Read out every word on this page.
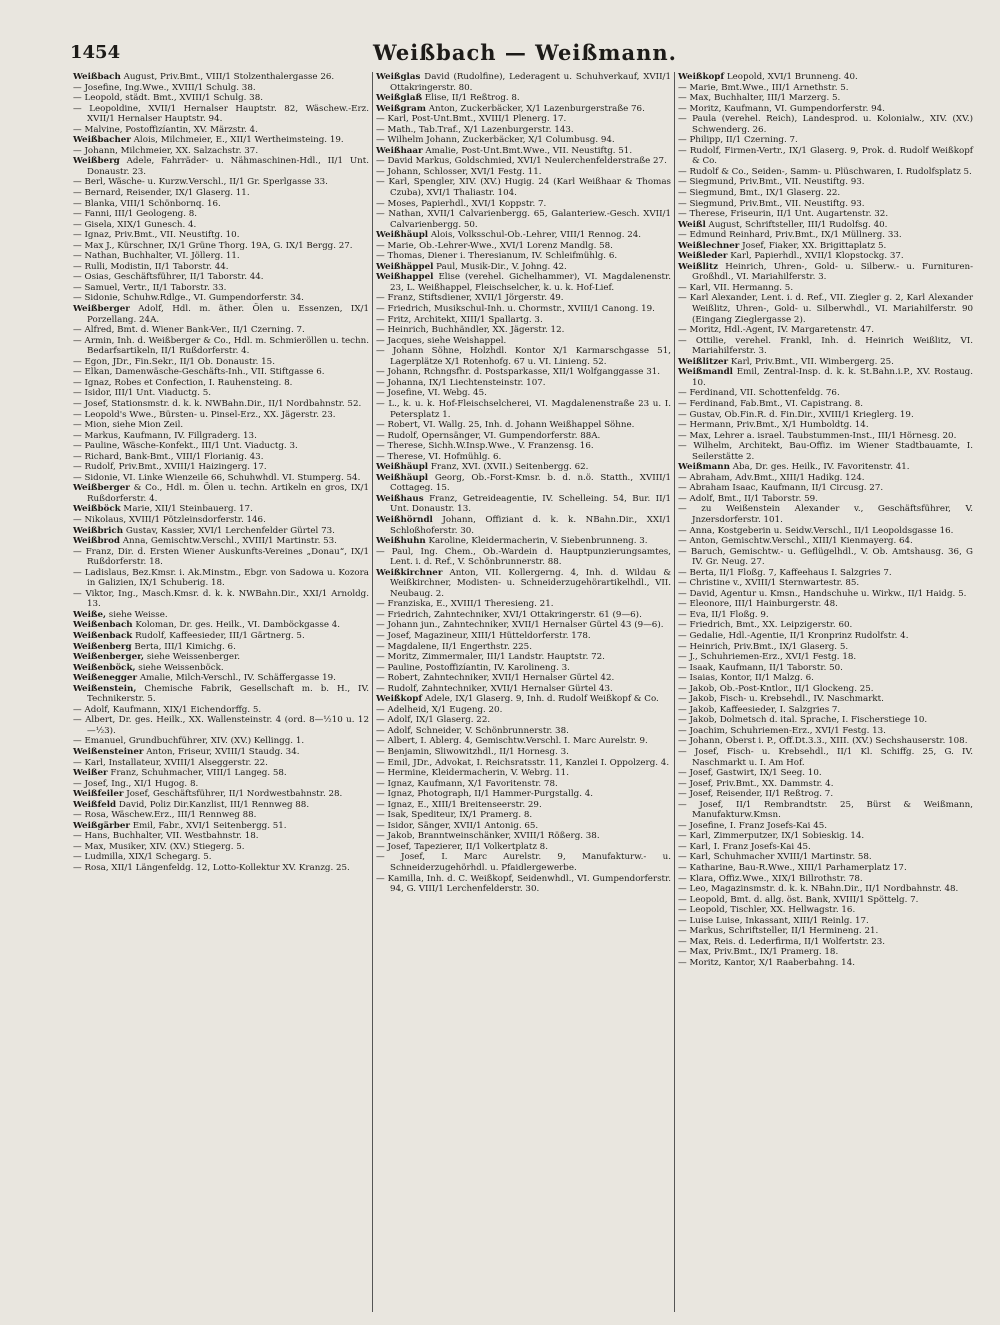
1454	Weißbach — Weißmann.

Weißbach August, Priv.Bmt., VIII/1 Stolzenthalergasse 26.

— Josefine, Ing.Wwe., XVIII/1 Schulg. 38.

— Leopold, städt. Bmt., XVIII/1 Schulg. 38.

— Leopoldine, XVII/1 Hernalser Hauptstr. 82, Wäschew.-Erz. XVII/1 Hernalser Hauptstr. 94.

— Malvine, Postoffizíantin, XV. Märzstr. 4.

Weißbacher Alois, Milchmeier, E., XII/1 Wertheimsteing. 19.

— Johann, Milchmeier, XX. Salzachstr. 37.

Weißberg Adele, Fahrräder- u. Nähmaschinen-Hdl., II/1 Unt. Donaustr. 23.

— Berl, Wäsche- u. Kurzw.Verschl., II/1 Gr. Sperlgasse 33.

— Bernard, Reisender, IX/1 Glaserg. 11.

— Blanka, VIII/1 Schönbornq. 16.

— Fanni, III/1 Geologeng. 8.

— Gisela, XIX/1 Gunesch. 4.

— Ignaz, Priv.Bmt., VII. Neustiftg. 10.

— Max J., Kürschner, IX/1 Grüne Thorg. 19A, G. IX/1 Bergg. 27.

— Nathan, Buchhalter, VI. Jöllerg. 11.

— Rulli, Modistin, II/1 Taborstr. 44.

— Osias, Geschäftsführer, II/1 Taborstr. 44.

— Samuel, Vertr., II/1 Taborstr. 33.

— Sidonie, Schuhw.Rdlge., VI. Gumpendorferstr. 34.

Weißberger Adolf, Hdl. m. äther. Ölen u. Essenzen, IX/1 Porzellang. 24A.

— Alfred, Bmt. d. Wiener Bank-Ver., II/1 Czerning. 7.

— Armin, Inh. d. Weißberger & Co., Hdl. m. Schmieröllen u. techn. Bedarfsartikeln, II/1 Rußdorferstr. 4.

— Egon, JDr., Fin.Sekr., II/1 Ob. Donaustr. 15.

— Elkan, Damenwäsche-Geschäfts-Inh., VII. Stiftgasse 6.

— Ignaz, Robes et Confection, I. Rauhensteing. 8.

— Isidor, III/1 Unt. Viaductg. 5.

— Josef, Stationsmstr. d. k. k. NWBahn.Dir., II/1 Nordbahnstr. 52.

— Leopold's Wwe., Bürsten- u. Pinsel-Erz., XX. Jägerstr. 23.

— Mion, siehe Mion Zeil.

— Markus, Kaufmann, IV. Fillgraderg. 13.

— Pauline, Wäsche-Konfekt., III/1 Unt. Viaductg. 3.

— Richard, Bank-Bmt., VIII/1 Florianig. 43.

— Rudolf, Priv.Bmt., XVIII/1 Haizingerg. 17.

— Sidonie, VI. Linke Wienzeile 66, Schuhwhdl. VI. Stumperg. 54.

Weißberger & Co., Hdl. m. Ölen u. techn. Artikeln en gros, IX/1 Rußdorferstr. 4.

Weißböck Marie, XII/1 Steinbauerg. 17.

— Nikolaus, XVIII/1 Pötzleinsdorferstr. 146.

Weißbrich Gustav, Kassier, XVI/1 Lerchenfelder Gürtel 73.

Weißbrod Anna, Gemischtw.Verschl., XVIII/1 Martinstr. 53.

— Franz, Dir. d. Ersten Wiener Auskunfts-Vereines „Donau“, IX/1 Rußdorferstr. 18.

— Ladislaus, Bez.Kmsr. i. Ak.Minstm., Ebgr. von Sadowa u. Kozora in Galizien, IX/1 Schuberig. 18.

— Viktor, Ing., Masch.Kmsr. d. k. k. NWBahn.Dir., XXI/1 Arnoldg. 13.

Weiße, siehe Weisse.

Weißenbach Koloman, Dr. ges. Heilk., VI. Damböckgasse 4.

Weißenback Rudolf, Kaffeesieder, III/1 Gärtnerg. 5.

Weißenberg Berta, III/1 Kimichg. 6.

Weißenberger, siehe Weissenberger.

Weißenböck, siehe Weissenböck.

Weißenegger Amalie, Milch-Verschl., IV. Schäffergasse 19.

Weißenstein, Chemische Fabrik, Gesellschaft m. b. H., IV. Technikerstr. 5.

— Adolf, Kaufmann, XIX/1 Eichendorffg. 5.

— Albert, Dr. ges. Heilk., XX. Wallensteinstr. 4 (ord. 8—½10 u. 12—½3).

— Emanuel, Grundbuchführer, XIV. (XV.) Kellingg. 1.

Weißensteiner Anton, Friseur, XVIII/1 Staudg. 34.

— Karl, Installateur, XVIII/1 Alseggerstr. 22.

Weißer Franz, Schuhmacher, VIII/1 Langeg. 58.

— Josef, Ing., XI/1 Hugog. 8.

Weißfeiler Josef, Geschäftsführer, II/1 Nordwestbahnstr. 28.

Weißfeld David, Poliz Dir.Kanzlist, III/1 Rennweg 88.

— Rosa, Wäschew.Erz., III/1 Rennweg 88.

Weißgärber Emil, Fabr., XVI/1 Seitenbergg. 51.

— Hans, Buchhalter, VII. Westbahnstr. 18.

— Max, Musiker, XIV. (XV.) Stiegerg. 5.

— Ludmilla, XIX/1 Schegarg. 5.

— Rosa, XII/1 Längenfeldg. 12, Lotto-Kollektur XV. Kranzg. 25.

Weißglas David (Rudolfine), Lederagent u. Schuhverkauf, XVII/1 Ottakringerstr. 80.

Weißglaß Elise, II/1 Reßtrog. 8.

Weißgram Anton, Zuckerbäcker, X/1 Lazenburgerstraße 76.

— Karl, Post-Unt.Bmt., XVIII/1 Plenerg. 17.

— Math., Tab.Traf., X/1 Lazenburgerstr. 143.

— Wilhelm Johann, Zuckerbäcker, X/1 Columbusg. 94.

Weißhaar Amalie, Post-Unt.Bmt.Wwe., VII. Neustiftg. 51.

— David Markus, Goldschmied, XVI/1 Neulerchenfelderstraße 27.

— Johann, Schlosser, XVI/1 Festg. 11.

— Karl, Spengler, XIV. (XV.) Hugig. 24 (Karl Weißhaar & Thomas Czuba), XVI/1 Thaliastr. 104.

— Moses, Papierhdl., XVI/1 Koppstr. 7.

— Nathan, XVII/1 Calvarienbergg. 65, Galanteriew.-Gesch. XVII/1 Calvarienbergg. 50.

Weißhäupl Alois, Volksschul-Ob.-Lehrer, VIII/1 Rennog. 24.

— Marie, Ob.-Lehrer-Wwe., XVI/1 Lorenz Mandlg. 58.

— Thomas, Diener i. Theresianum, IV. Schleifmühlg. 6.

Weißhäppel Paul, Musik-Dir., V. Johng. 42.

Weißhappel Elise (verehel. Gichelhammer), VI. Magdalenenstr. 23, L. Weißhappel, Fleischselcher, k. u. k. Hof-Lief.

— Franz, Stiftsdiener, XVII/1 Jörgerstr. 49.

— Friedrich, Musikschul-Inh. u. Chormstr., XVIII/1 Canong. 19.

— Fritz, Architekt, XIII/1 Spallartg. 3.

— Heinrich, Buchhändler, XX. Jägerstr. 12.

— Jacques, siehe Weishappel.

— Johann Söhne, Holzhdl. Kontor X/1 Karmarschgasse 51, Lagerplätze X/1 Rotenhofg. 67 u. VI. Linieng. 52.

— Johann, Rchngsfhr. d. Postsparkasse, XII/1 Wolfganggasse 31.

— Johanna, IX/1 Liechtensteinstr. 107.

— Josefine, VI. Webg. 45.

— L., k. u. k. Hof-Fleischselcherei, VI. Magdalenenstraße 23 u. I. Petersplatz 1.

— Robert, VI. Wallg. 25, Inh. d. Johann Weißhappel Söhne.

— Rudolf, Opernsänger, VI. Gumpendorferstr. 88A.

— Therese, Sichh.W.Insp.Wwe., V. Franzensg. 16.

— Therese, VI. Hofmühlg. 6.

Weißhäupl Franz, XVI. (XVII.) Seitenbergg. 62.

Weißhäupl Georg, Ob.-Forst-Kmsr. b. d. n.ö. Statth., XVIII/1 Cottageg. 15.

Weißhaus Franz, Getreideagentie, IV. Schelleing. 54, Bur. II/1 Unt. Donaustr. 13.

Weißhörndl Johann, Offiziant d. k. k. NBahn.Dir., XXI/1 Schloßhoferstr. 30.

Weißhuhn Karoline, Kleidermacherin, V. Siebenbrunneng. 3.

— Paul, Ing. Chem., Ob.-Wardein d. Hauptpunzierungsamtes, Lent. i. d. Ref., V. Schönbrunnerstr. 88.

Weißkirchner Anton, VII. Kollergerng. 4, Inh. d. Wildau & Weißkirchner, Modisten- u. Schneiderzugehörartikelhdl., VII. Neubaug. 2.

— Franziska, E., XVIII/1 Theresieng. 21.

— Friedrich, Zahntechniker, XVI/1 Ottakringerstr. 61 (9—6).

— Johann jun., Zahntechniker, XVII/1 Hernalser Gürtel 43 (9—6).

— Josef, Magazineur, XIII/1 Hütteldorferstr. 178.

— Magdalene, II/1 Engerthstr. 225.

— Moritz, Zimmermaler, III/1 Landstr. Hauptstr. 72.

— Pauline, Postoffizíantin, IV. Karolineng. 3.

— Robert, Zahntechniker, XVII/1 Hernalser Gürtel 42.

— Rudolf, Zahntechniker, XVII/1 Hernalser Gürtel 43.

Weißkopf Adele, IX/1 Glaserg. 9, Inh. d. Rudolf Weißkopf & Co.

— Adelheid, X/1 Eugeng. 20.

— Adolf, IX/1 Glaserg. 22.

— Adolf, Schneider, V. Schönbrunnerstr. 38.

— Albert, I. Ablerg. 4, Gemischtw.Verschl. I. Marc Aurelstr. 9.

— Benjamin, Sliwowitzhdl., II/1 Hornesg. 3.

— Emil, JDr., Advokat, I. Reichsratsstr. 11, Kanzlei I. Oppolzerg. 4.

— Hermine, Kleidermacherin, V. Webrg. 11.

— Ignaz, Kaufmann, X/1 Favoritenstr. 78.

— Ignaz, Photograph, II/1 Hammer-Purgstallg. 4.

— Ignaz, E., XIII/1 Breitenseerstr. 29.

— Isak, Spediteur, IX/1 Pramerg. 8.

— Isidor, Sänger, XVII/1 Antonig. 65.

— Jakob, Branntweinschänker, XVIII/1 Rößerg. 38.

— Josef, Tapezierer, II/1 Volkertplatz 8.

— Josef, I. Marc Aurelstr. 9, Manufakturw.- u. Schneiderzugehörhdl. u. Pfaidlergewerbe.

— Kamilla, Inh. d. C. Weißkopf, Seidenwhdl., VI. Gumpendorferstr. 94, G. VIII/1 Lerchenfelderstr. 30.

Weißkopf Leopold, XVI/1 Brunneng. 40.

— Marie, Bmt.Wwe., III/1 Arnethstr. 5.

— Max, Buchhalter, III/1 Marzerg. 5.

— Moritz, Kaufmann, VI. Gumpendorferstr. 94.

— Paula (verehel. Reich), Landesprod. u. Kolonialw., XIV. (XV.) Schwenderg. 26.

— Philipp, II/1 Czerning. 7.

— Rudolf, Firmen-Vertr., IX/1 Glaserg. 9, Prok. d. Rudolf Weißkopf & Co.

— Rudolf & Co., Seiden-, Samm- u. Plüschwaren, I. Rudolfsplatz 5.

— Siegmund, Priv.Bmt., VII. Neustiftg. 93.

— Siegmund, Bmt., IX/1 Glaserg. 22.

— Siegmund, Priv.Bmt., VII. Neustiftg. 93.

— Therese, Friseurin, II/1 Unt. Augartenstr. 32.

Weißl August, Schriftsteller, III/1 Rudolfsg. 40.

— Edmund Reinhard, Priv.Bmt., IX/1 Müllnerg. 33.

Weißlechner Josef, Fiaker, XX. Brigittaplatz 5.

Weißleder Karl, Papierhdl., XVII/1 Klopstockg. 37.

Weißlitz Heinrich, Uhren-, Gold- u. Silberw.- u. Furnituren-Großhdl., VI. Mariahilferstr. 3.

— Karl, VII. Hermanng. 5.

— Karl Alexander, Lent. i. d. Ref., VII. Ziegler g. 2, Karl Alexander Weißlitz, Uhren-, Gold- u. Silberwhdl., VI. Mariahilferstr. 90 (Eingang Zieglergasse 2).

— Moritz, Hdl.-Agent, IV. Margaretenstr. 47.

— Ottilie, verehel. Frankl, Inh. d. Heinrich Weißlitz, VI. Mariahilferstr. 3.

Weißlitzer Karl, Priv.Bmt., VII. Wimbergerg. 25.

Weißmandl Emil, Zentral-Insp. d. k. k. St.Bahn.i.P., XV. Rostaug. 10.

— Ferdinand, VII. Schottenfeldg. 76.

— Ferdinand, Fab.Bmt., VI. Capistrang. 8.

— Gustav, Ob.Fin.R. d. Fin.Dir., XVIII/1 Krieglerg. 19.

— Hermann, Priv.Bmt., X/1 Humboldtg. 14.

— Max, Lehrer a. israel. Taubstummen-Inst., III/1 Hörnesg. 20.

— Wilhelm, Architekt, Bau-Offiz. im Wiener Stadtbauamte, I. Seilerstätte 2.

Weißmann Aba, Dr. ges. Heilk., IV. Favoritenstr. 41.

— Abraham, Adv.Bmt., XIII/1 Hadikg. 124.

— Abraham Isaac, Kaufmann, II/1 Circusg. 27.

— Adolf, Bmt., II/1 Taborstr. 59.

— zu Weißenstein Alexander v., Geschäftsführer, V. Jnzersdorferstr. 101.

— Anna, Kostgeberin u. Seidw.Verschl., II/1 Leopoldsgasse 16.

— Anton, Gemischtw.Verschl., XIII/1 Kienmayerg. 64.

— Baruch, Gemischtw.- u. Geflügelhdl., V. Ob. Amtshausg. 36, G IV. Gr. Neug. 27.

— Berta, II/1 Floßg. 7, Kaffeehaus I. Salzgries 7.

— Christine v., XVIII/1 Sternwartestr. 85.

— David, Agentur u. Kmsn., Handschuhe u. Wirkw., II/1 Haidg. 5.

— Eleonore, III/1 Hainburgerstr. 48.

— Eva, II/1 Floßg. 9.

— Friedrich, Bmt., XX. Leipzigerstr. 60.

— Gedalie, Hdl.-Agentie, II/1 Kronprinz Rudolfstr. 4.

— Heinrich, Priv.Bmt., IX/1 Glaserg. 5.

— J., Schuhriemen-Erz., XVI/1 Festg. 18.

— Isaak, Kaufmann, II/1 Taborstr. 50.

— Isaias, Kontor, II/1 Malzg. 6.

— Jakob, Ob.-Post-Kntlor., II/1 Glockeng. 25.

— Jakob, Fisch- u. Krebsehdl., IV. Naschmarkt.

— Jakob, Kaffeesieder, I. Salzgries 7.

— Jakob, Dolmetsch d. ital. Sprache, I. Fischerstiege 10.

— Joachim, Schuhriemen-Erz., XVI/1 Festg. 13.

— Johann, Oberst i. P., Off.Dt.3.3., XIII. (XV.) Sechshauserstr. 108.

— Josef, Fisch- u. Krebsehdl., II/1 Kl. Schiffg. 25, G. IV. Naschmarkt u. I. Am Hof.

— Josef, Gastwirt, IX/1 Seeg. 10.

— Josef, Priv.Bmt., XX. Dammstr. 4.

— Josef, Reisender, II/1 Reßtrog. 7.

— Josef, II/1 Rembrandtstr. 25, Bürst & Weißmann, Manufakturw.Kmsn.

— Josefine, I. Franz Josefs-Kai 45.

— Karl, Zimmerputzer, IX/1 Sobieskig. 14.

— Karl, I. Franz Josefs-Kai 45.

— Karl, Schuhmacher XVIII/1 Martinstr. 58.

— Katharine, Bau-R.Wwe., XIII/1 Parhamerplatz 17.

— Klara, Offiz.Wwe., XIX/1 Billrothstr. 78.

— Leo, Magazinsmstr. d. k. k. NBahn.Dir., II/1 Nordbahnstr. 48.

— Leopold, Bmt. d. allg. öst. Bank, XVIII/1 Spöttelg. 7.

— Leopold, Tischler, XX. Hellwagstr. 16.

— Luise Luise, Inkassant, XIII/1 Reinlg. 17.

— Markus, Schriftsteller, II/1 Hermineng. 21.

— Max, Reis. d. Lederfirma, II/1 Wolfertstr. 23.

— Max, Priv.Bmt., IX/1 Pramerg. 18.

— Moritz, Kantor, X/1 Raaberbahng. 14.
